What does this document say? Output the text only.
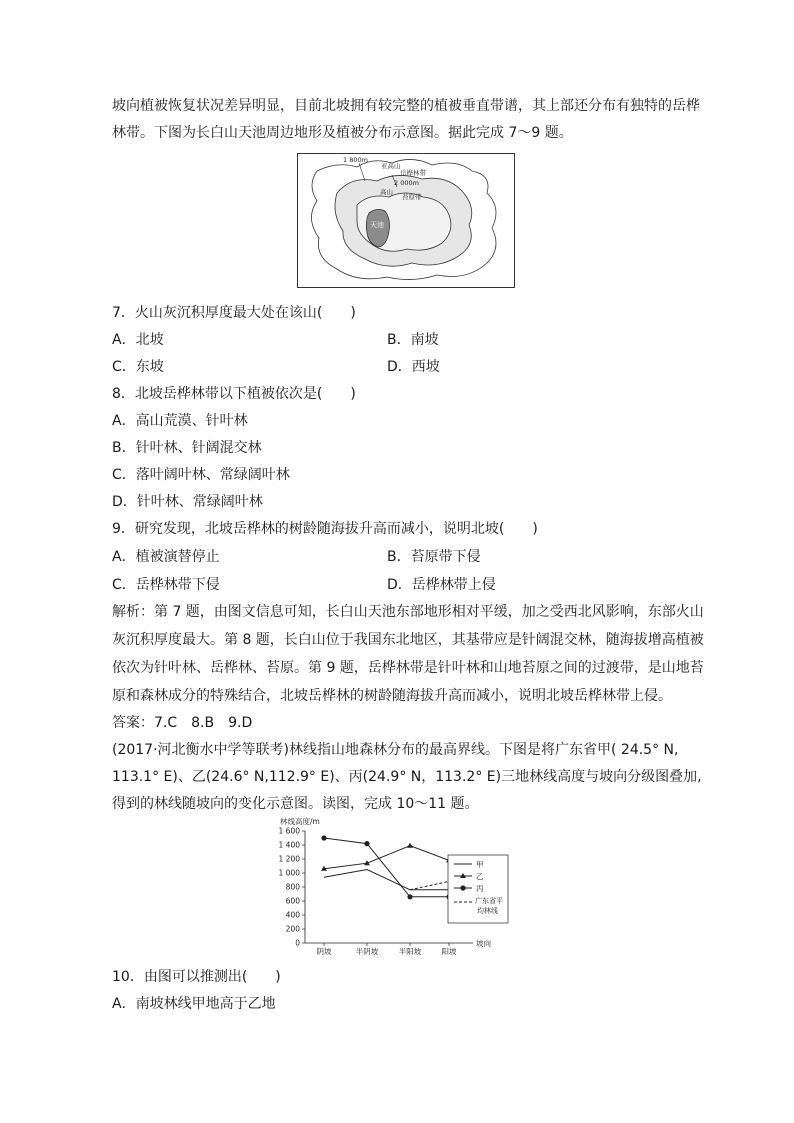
坡向植被恢复状况差异明显，目前北坡拥有较完整的植被垂直带谱，其上部还分布有独特的岳桦
林带。下图为长白山天池周边地形及植被分布示意图。据此完成 7～9 题。
天池
1 800m
亚高山
岳桦林带
2 000m
高山
苔原带
7．火山灰沉积厚度最大处在该山(　　)
A．北坡	B．南坡
C．东坡	D．西坡
8．北坡岳桦林带以下植被依次是(　　)
A．高山荒漠、针叶林
B．针叶林、针阔混交林
C．落叶阔叶林、常绿阔叶林
D．针叶林、常绿阔叶林
9．研究发现，北坡岳桦林的树龄随海拔升高而减小，说明北坡(　　)
A．植被演替停止	B．苔原带下侵
C．岳桦林带下侵	D．岳桦林带上侵
解析：第 7 题，由图文信息可知，长白山天池东部地形相对平缓，加之受西北风影响，东部火山
灰沉积厚度最大。第 8 题，长白山位于我国东北地区，其基带应是针阔混交林，随海拔增高植被
依次为针叶林、岳桦林、苔原。第 9 题，岳桦林带是针叶林和山地苔原之间的过渡带，是山地苔
原和森林成分的特殊结合，北坡岳桦林的树龄随海拔升高而减小，说明北坡岳桦林带上侵。
答案：7.C　8.B　9.D
(2017·河北衡水中学等联考)林线指山地森林分布的最高界线。下图是将广东省甲( 24.5° N,
113.1° E)、乙(24.6° N,112.9° E)、丙(24.9° N，113.2° E)三地林线高度与坡向分级图叠加,
得到的林线随坡向的变化示意图。读图，完成 10～11 题。
林线高度/m
坡向
0
200
400
600
800
1 000
1 200
1 400
1 600
阴坡	半阴坡	半阳坡	阳坡
甲
乙
丙
广东省平
均林线
10．由图可以推测出(　　)
A．南坡林线甲地高于乙地
